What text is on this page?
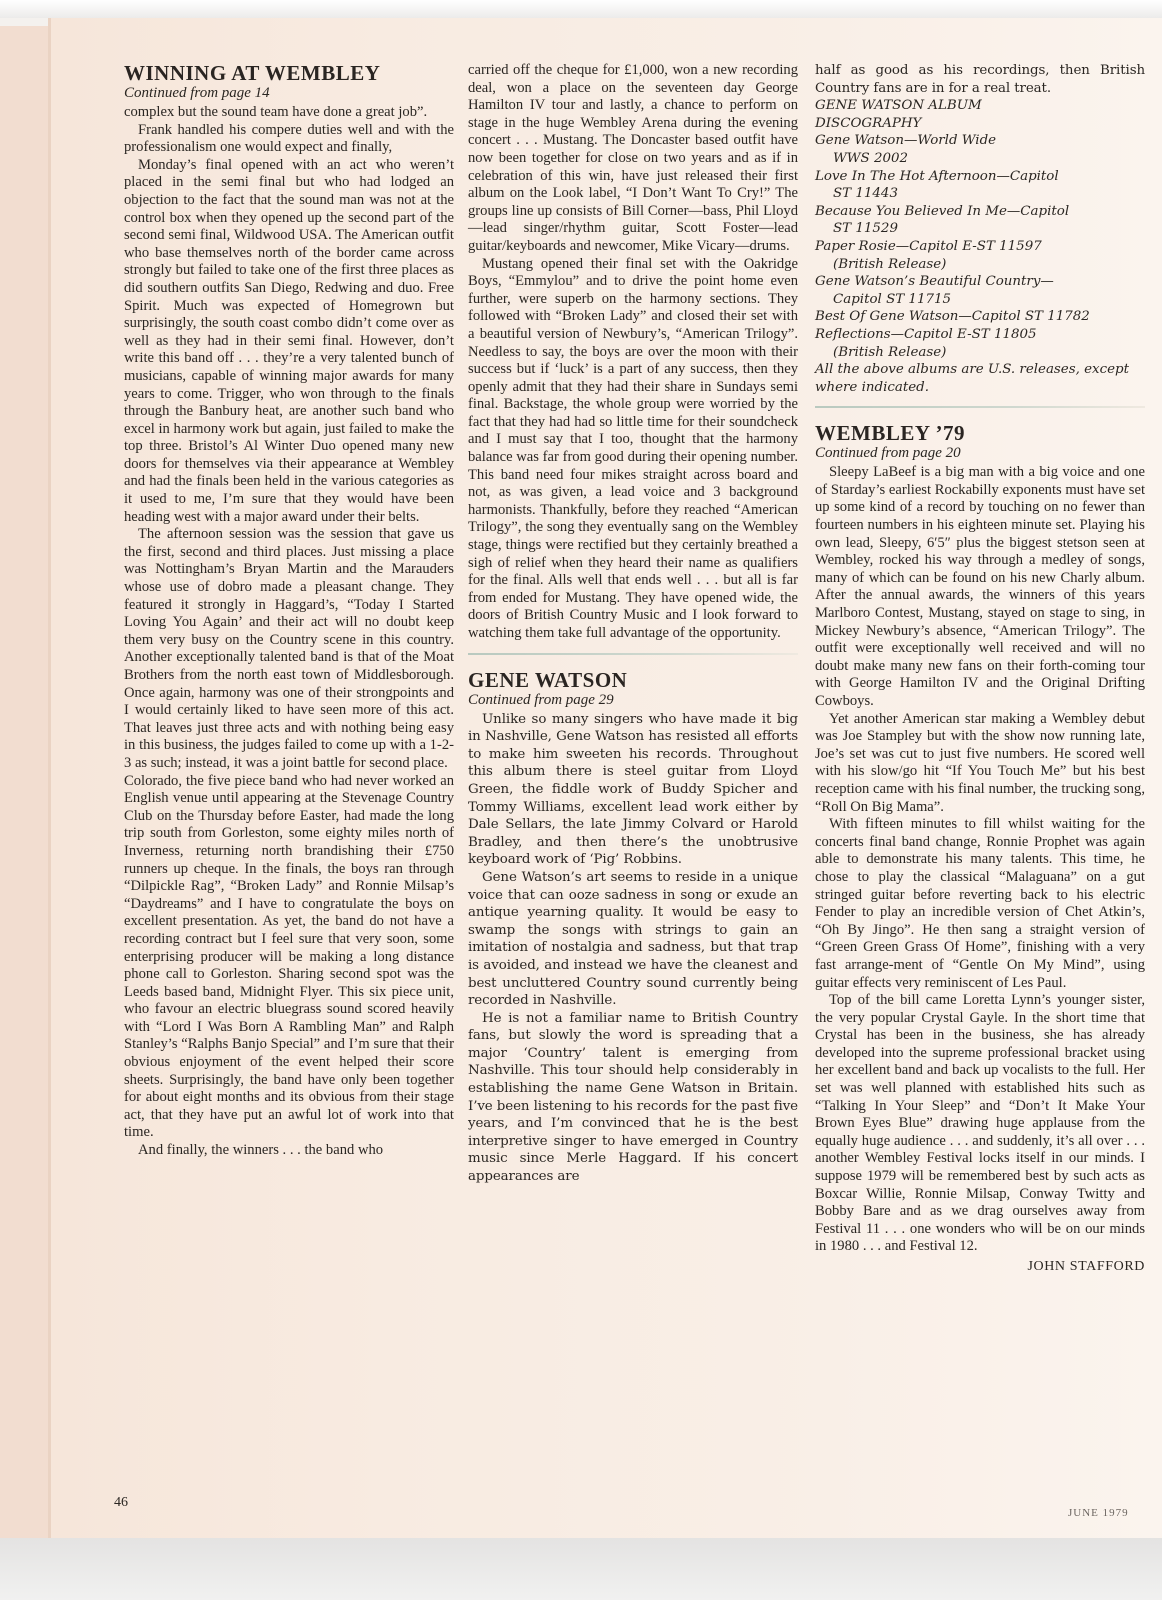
WINNING AT WEMBLEY
Continued from page 14

complex but the sound team have done a great job”.

Frank handled his compere duties well and with the professionalism one would expect and finally,

Monday’s final opened with an act who weren’t placed in the semi final but who had lodged an objection to the fact that the sound man was not at the control box when they opened up the second part of the second semi final, Wildwood USA. The American outfit who base themselves north of the border came across strongly but failed to take one of the first three places as did southern outfits San Diego, Redwing and duo. Free Spirit. Much was expected of Homegrown but surprisingly, the south coast combo didn’t come over as well as they had in their semi final. However, don’t write this band off . . . they’re a very talented bunch of musicians, capable of winning major awards for many years to come. Trigger, who won through to the finals through the Banbury heat, are another such band who excel in harmony work but again, just failed to make the top three. Bristol’s Al Winter Duo opened many new doors for themselves via their appearance at Wembley and had the finals been held in the various categories as it used to me, I’m sure that they would have been heading west with a major award under their belts.

The afternoon session was the session that gave us the first, second and third places. Just missing a place was Nottingham’s Bryan Martin and the Marauders whose use of dobro made a pleasant change. They featured it strongly in Haggard’s, “Today I Started Loving You Again’ and their act will no doubt keep them very busy on the Country scene in this country. Another exceptionally talented band is that of the Moat Brothers from the north east town of Middlesborough. Once again, harmony was one of their strongpoints and I would certainly liked to have seen more of this act. That leaves just three acts and with nothing being easy in this business, the judges failed to come up with a 1-2-3 as such; instead, it was a joint battle for second place.

Colorado, the five piece band who had never worked an English venue until appearing at the Stevenage Country Club on the Thursday before Easter, had made the long trip south from Gorleston, some eighty miles north of Inverness, returning north brandishing their £750 runners up cheque. In the finals, the boys ran through “Dilpickle Rag”, “Broken Lady” and Ronnie Milsap’s “Daydreams” and I have to congratulate the boys on excellent presentation. As yet, the band do not have a recording contract but I feel sure that very soon, some enterprising producer will be making a long distance phone call to Gorleston. Sharing second spot was the Leeds based band, Midnight Flyer. This six piece unit, who favour an electric bluegrass sound scored heavily with “Lord I Was Born A Rambling Man” and Ralph Stanley’s “Ralphs Banjo Special” and I’m sure that their obvious enjoyment of the event helped their score sheets. Surprisingly, the band have only been together for about eight months and its obvious from their stage act, that they have put an awful lot of work into that time.

And finally, the winners . . . the band who

carried off the cheque for £1,000, won a new recording deal, won a place on the seventeen day George Hamilton IV tour and lastly, a chance to perform on stage in the huge Wembley Arena during the evening concert . . . Mustang. The Doncaster based outfit have now been together for close on two years and as if in celebration of this win, have just released their first album on the Look label, “I Don’t Want To Cry!” The groups line up consists of Bill Corner—bass, Phil Lloyd—lead singer/rhythm guitar, Scott Foster—lead guitar/keyboards and newcomer, Mike Vicary—drums.

Mustang opened their final set with the Oakridge Boys, “Emmylou” and to drive the point home even further, were superb on the harmony sections. They followed with “Broken Lady” and closed their set with a beautiful version of Newbury’s, “American Trilogy”. Needless to say, the boys are over the moon with their success but if ‘luck’ is a part of any success, then they openly admit that they had their share in Sundays semi final. Backstage, the whole group were worried by the fact that they had had so little time for their soundcheck and I must say that I too, thought that the harmony balance was far from good during their opening number. This band need four mikes straight across board and not, as was given, a lead voice and 3 background harmonists. Thankfully, before they reached “American Trilogy”, the song they eventually sang on the Wembley stage, things were rectified but they certainly breathed a sigh of relief when they heard their name as qualifiers for the final. Alls well that ends well . . . but all is far from ended for Mustang. They have opened wide, the doors of British Country Music and I look forward to watching them take full advantage of the opportunity.

GENE WATSON
Continued from page 29

Unlike so many singers who have made it big in Nashville, Gene Watson has resisted all efforts to make him sweeten his records. Throughout this album there is steel guitar from Lloyd Green, the fiddle work of Buddy Spicher and Tommy Williams, excellent lead work either by Dale Sellars, the late Jimmy Colvard or Harold Bradley, and then there’s the unobtrusive keyboard work of ‘Pig’ Robbins.

Gene Watson’s art seems to reside in a unique voice that can ooze sadness in song or exude an antique yearning quality. It would be easy to swamp the songs with strings to gain an imitation of nostalgia and sadness, but that trap is avoided, and instead we have the cleanest and best uncluttered Country sound currently being recorded in Nashville.

He is not a familiar name to British Country fans, but slowly the word is spreading that a major ‘Country’ talent is emerging from Nashville. This tour should help considerably in establishing the name Gene Watson in Britain. I’ve been listening to his records for the past five years, and I’m convinced that he is the best interpretive singer to have emerged in Country music since Merle Haggard. If his concert appearances are

half as good as his recordings, then British Country fans are in for a real treat.

GENE WATSON ALBUM
DISCOGRAPHY
Gene Watson—World Wide
WWS 2002
Love In The Hot Afternoon—Capitol
ST 11443
Because You Believed In Me—Capitol
ST 11529
Paper Rosie—Capitol E-ST 11597
(British Release)
Gene Watson’s Beautiful Country—
Capitol ST 11715
Best Of Gene Watson—Capitol ST 11782
Reflections—Capitol E-ST 11805
(British Release)
All the above albums are U.S. releases, except where indicated.
WEMBLEY ’79
Continued from page 20

Sleepy LaBeef is a big man with a big voice and one of Starday’s earliest Rockabilly exponents must have set up some kind of a record by touching on no fewer than fourteen numbers in his eighteen minute set. Playing his own lead, Sleepy, 6′5″ plus the biggest stetson seen at Wembley, rocked his way through a medley of songs, many of which can be found on his new Charly album. After the annual awards, the winners of this years Marlboro Contest, Mustang, stayed on stage to sing, in Mickey Newbury’s absence, “American Trilogy”. The outfit were exceptionally well received and will no doubt make many new fans on their forth-coming tour with George Hamilton IV and the Original Drifting Cowboys.

Yet another American star making a Wembley debut was Joe Stampley but with the show now running late, Joe’s set was cut to just five numbers. He scored well with his slow/go hit “If You Touch Me” but his best reception came with his final number, the trucking song, “Roll On Big Mama”.

With fifteen minutes to fill whilst waiting for the concerts final band change, Ronnie Prophet was again able to demonstrate his many talents. This time, he chose to play the classical “Malaguana” on a gut stringed guitar before reverting back to his electric Fender to play an incredible version of Chet Atkin’s, “Oh By Jingo”. He then sang a straight version of “Green Green Grass Of Home”, finishing with a very fast arrange-ment of “Gentle On My Mind”, using guitar effects very reminiscent of Les Paul.

Top of the bill came Loretta Lynn’s younger sister, the very popular Crystal Gayle. In the short time that Crystal has been in the business, she has already developed into the supreme professional bracket using her excellent band and back up vocalists to the full. Her set was well planned with established hits such as “Talking In Your Sleep” and “Don’t It Make Your Brown Eyes Blue” drawing huge applause from the equally huge audience . . . and suddenly, it’s all over . . . another Wembley Festival locks itself in our minds. I suppose 1979 will be remembered best by such acts as Boxcar Willie, Ronnie Milsap, Conway Twitty and Bobby Bare and as we drag ourselves away from Festival 11 . . . one wonders who will be on our minds in 1980 . . . and Festival 12.

JOHN STAFFORD
46
JUNE 1979
